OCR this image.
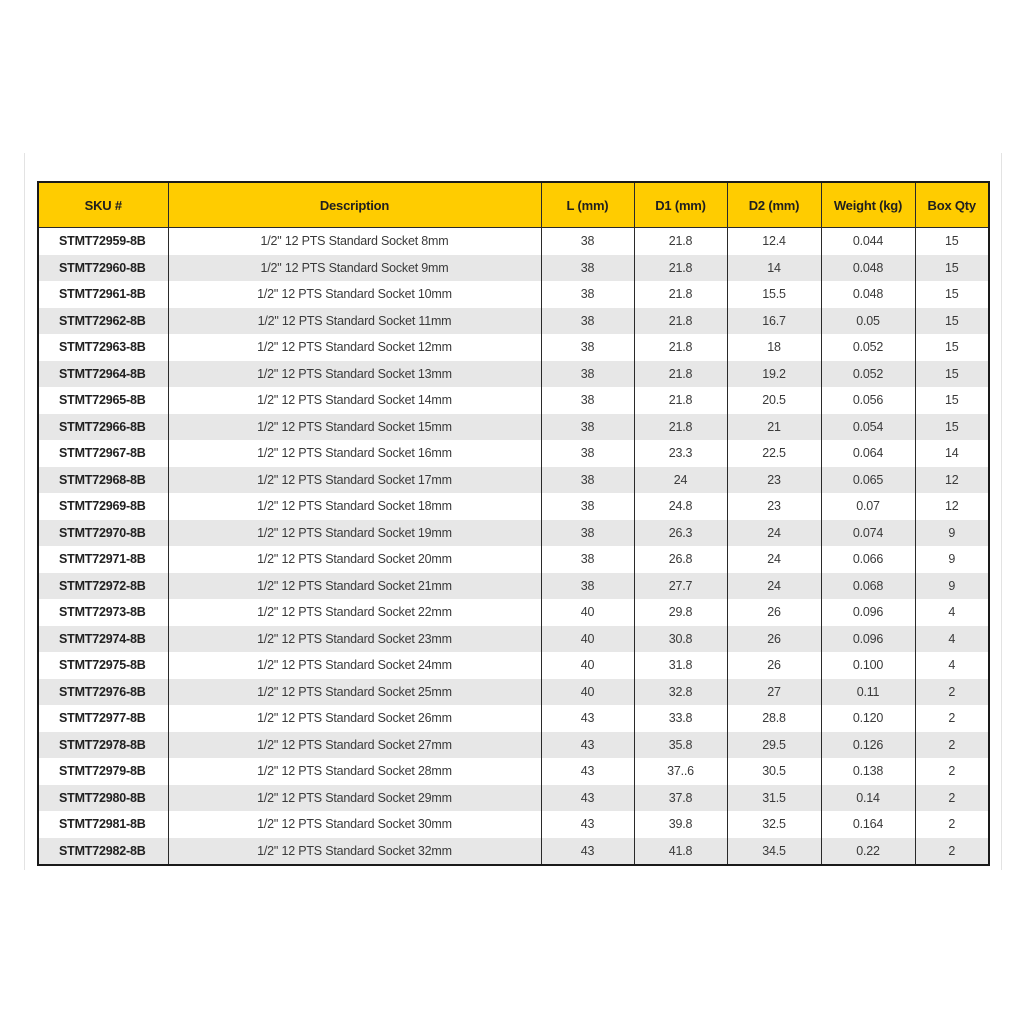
SKU #	Description	L (mm)	D1 (mm)	D2 (mm)	Weight (kg)	Box Qty
STMT72959-8B	1/2" 12 PTS Standard Socket 8mm	38	21.8	12.4	0.044	15
STMT72960-8B	1/2" 12 PTS Standard Socket 9mm	38	21.8	14	0.048	15
STMT72961-8B	1/2" 12 PTS Standard Socket 10mm	38	21.8	15.5	0.048	15
STMT72962-8B	1/2" 12 PTS Standard Socket 11mm	38	21.8	16.7	0.05	15
STMT72963-8B	1/2" 12 PTS Standard Socket 12mm	38	21.8	18	0.052	15
STMT72964-8B	1/2" 12 PTS Standard Socket 13mm	38	21.8	19.2	0.052	15
STMT72965-8B	1/2" 12 PTS Standard Socket 14mm	38	21.8	20.5	0.056	15
STMT72966-8B	1/2" 12 PTS Standard Socket 15mm	38	21.8	21	0.054	15
STMT72967-8B	1/2" 12 PTS Standard Socket 16mm	38	23.3	22.5	0.064	14
STMT72968-8B	1/2" 12 PTS Standard Socket 17mm	38	24	23	0.065	12
STMT72969-8B	1/2" 12 PTS Standard Socket 18mm	38	24.8	23	0.07	12
STMT72970-8B	1/2" 12 PTS Standard Socket 19mm	38	26.3	24	0.074	9
STMT72971-8B	1/2" 12 PTS Standard Socket 20mm	38	26.8	24	0.066	9
STMT72972-8B	1/2" 12 PTS Standard Socket 21mm	38	27.7	24	0.068	9
STMT72973-8B	1/2" 12 PTS Standard Socket 22mm	40	29.8	26	0.096	4
STMT72974-8B	1/2" 12 PTS Standard Socket 23mm	40	30.8	26	0.096	4
STMT72975-8B	1/2" 12 PTS Standard Socket 24mm	40	31.8	26	0.100	4
STMT72976-8B	1/2" 12 PTS Standard Socket 25mm	40	32.8	27	0.11	2
STMT72977-8B	1/2" 12 PTS Standard Socket 26mm	43	33.8	28.8	0.120	2
STMT72978-8B	1/2" 12 PTS Standard Socket 27mm	43	35.8	29.5	0.126	2
STMT72979-8B	1/2" 12 PTS Standard Socket 28mm	43	37..6	30.5	0.138	2
STMT72980-8B	1/2" 12 PTS Standard Socket 29mm	43	37.8	31.5	0.14	2
STMT72981-8B	1/2" 12 PTS Standard Socket 30mm	43	39.8	32.5	0.164	2
STMT72982-8B	1/2" 12 PTS Standard Socket 32mm	43	41.8	34.5	0.22	2
